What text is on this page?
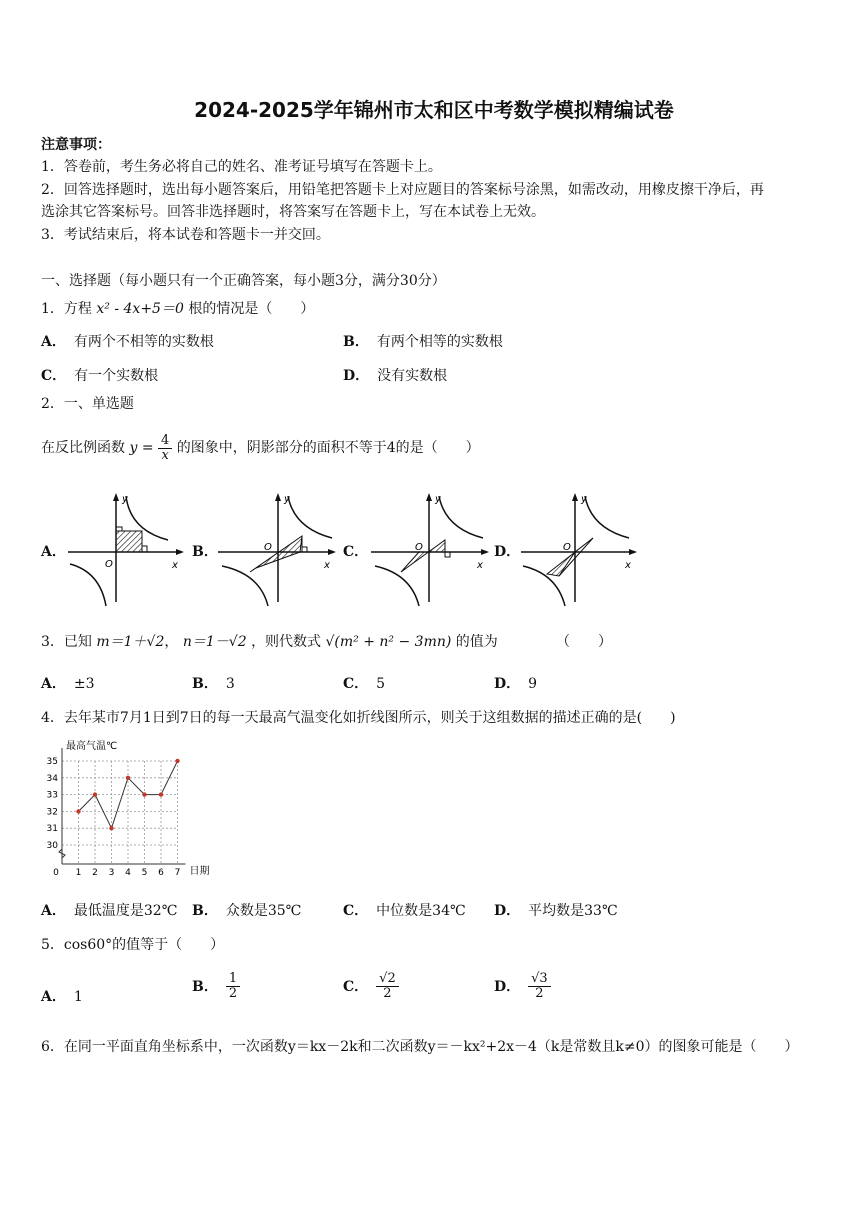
2024-2025学年锦州市太和区中考数学模拟精编试卷
注意事项：
1．答卷前，考生务必将自己的姓名、准考证号填写在答题卡上。
2．回答选择题时，选出每小题答案后，用铅笔把答题卡上对应题目的答案标号涂黑，如需改动，用橡皮擦干净后，再
选涂其它答案标号。回答非选择题时，将答案写在答题卡上，写在本试卷上无效。
3．考试结束后，将本试卷和答题卡一并交回。
一、选择题（每小题只有一个正确答案，每小题3分，满分30分）
1．方程 x² - 4x+5＝0 根的情况是（　　）
A． 有两个不相等的实数根	B． 有两个相等的实数根
C． 有一个实数根	D． 没有实数根
2．一、单选题
在反比例函数 $y = \frac{4}{x}$ 的图象中，阴影部分的面积不等于4的是（　　）
A．
y
x
O
B．
y
x
O	C．
y
x
O	D．
y
x
O
3．已知 m＝1＋√2， n＝1－√2 ，则代数式 √(m² + n² − 3mn) 的值为	（　　）
A． ±3	B． 3	C． 5	D． 9
4．去年某市7月1日到7日的每一天最高气温变化如折线图所示，则关于这组数据的描述正确的是(　　)
30
31
32
33
34
35
1 2 3 4 5 6 7
0
最高气温℃
日期
A． 最低温度是32℃ B． 众数是35℃	C． 中位数是34℃ D． 平均数是33℃
5．cos60°的值等于（　　）
A． 1
B． $\frac{1}{2}$	C． $\frac{√2}{2}$	D． $\frac{√3}{2}$
6．在同一平面直角坐标系中，一次函数y＝kx－2k和二次函数y＝－kx²+2x－4（k是常数且k≠0）的图象可能是（　　）
